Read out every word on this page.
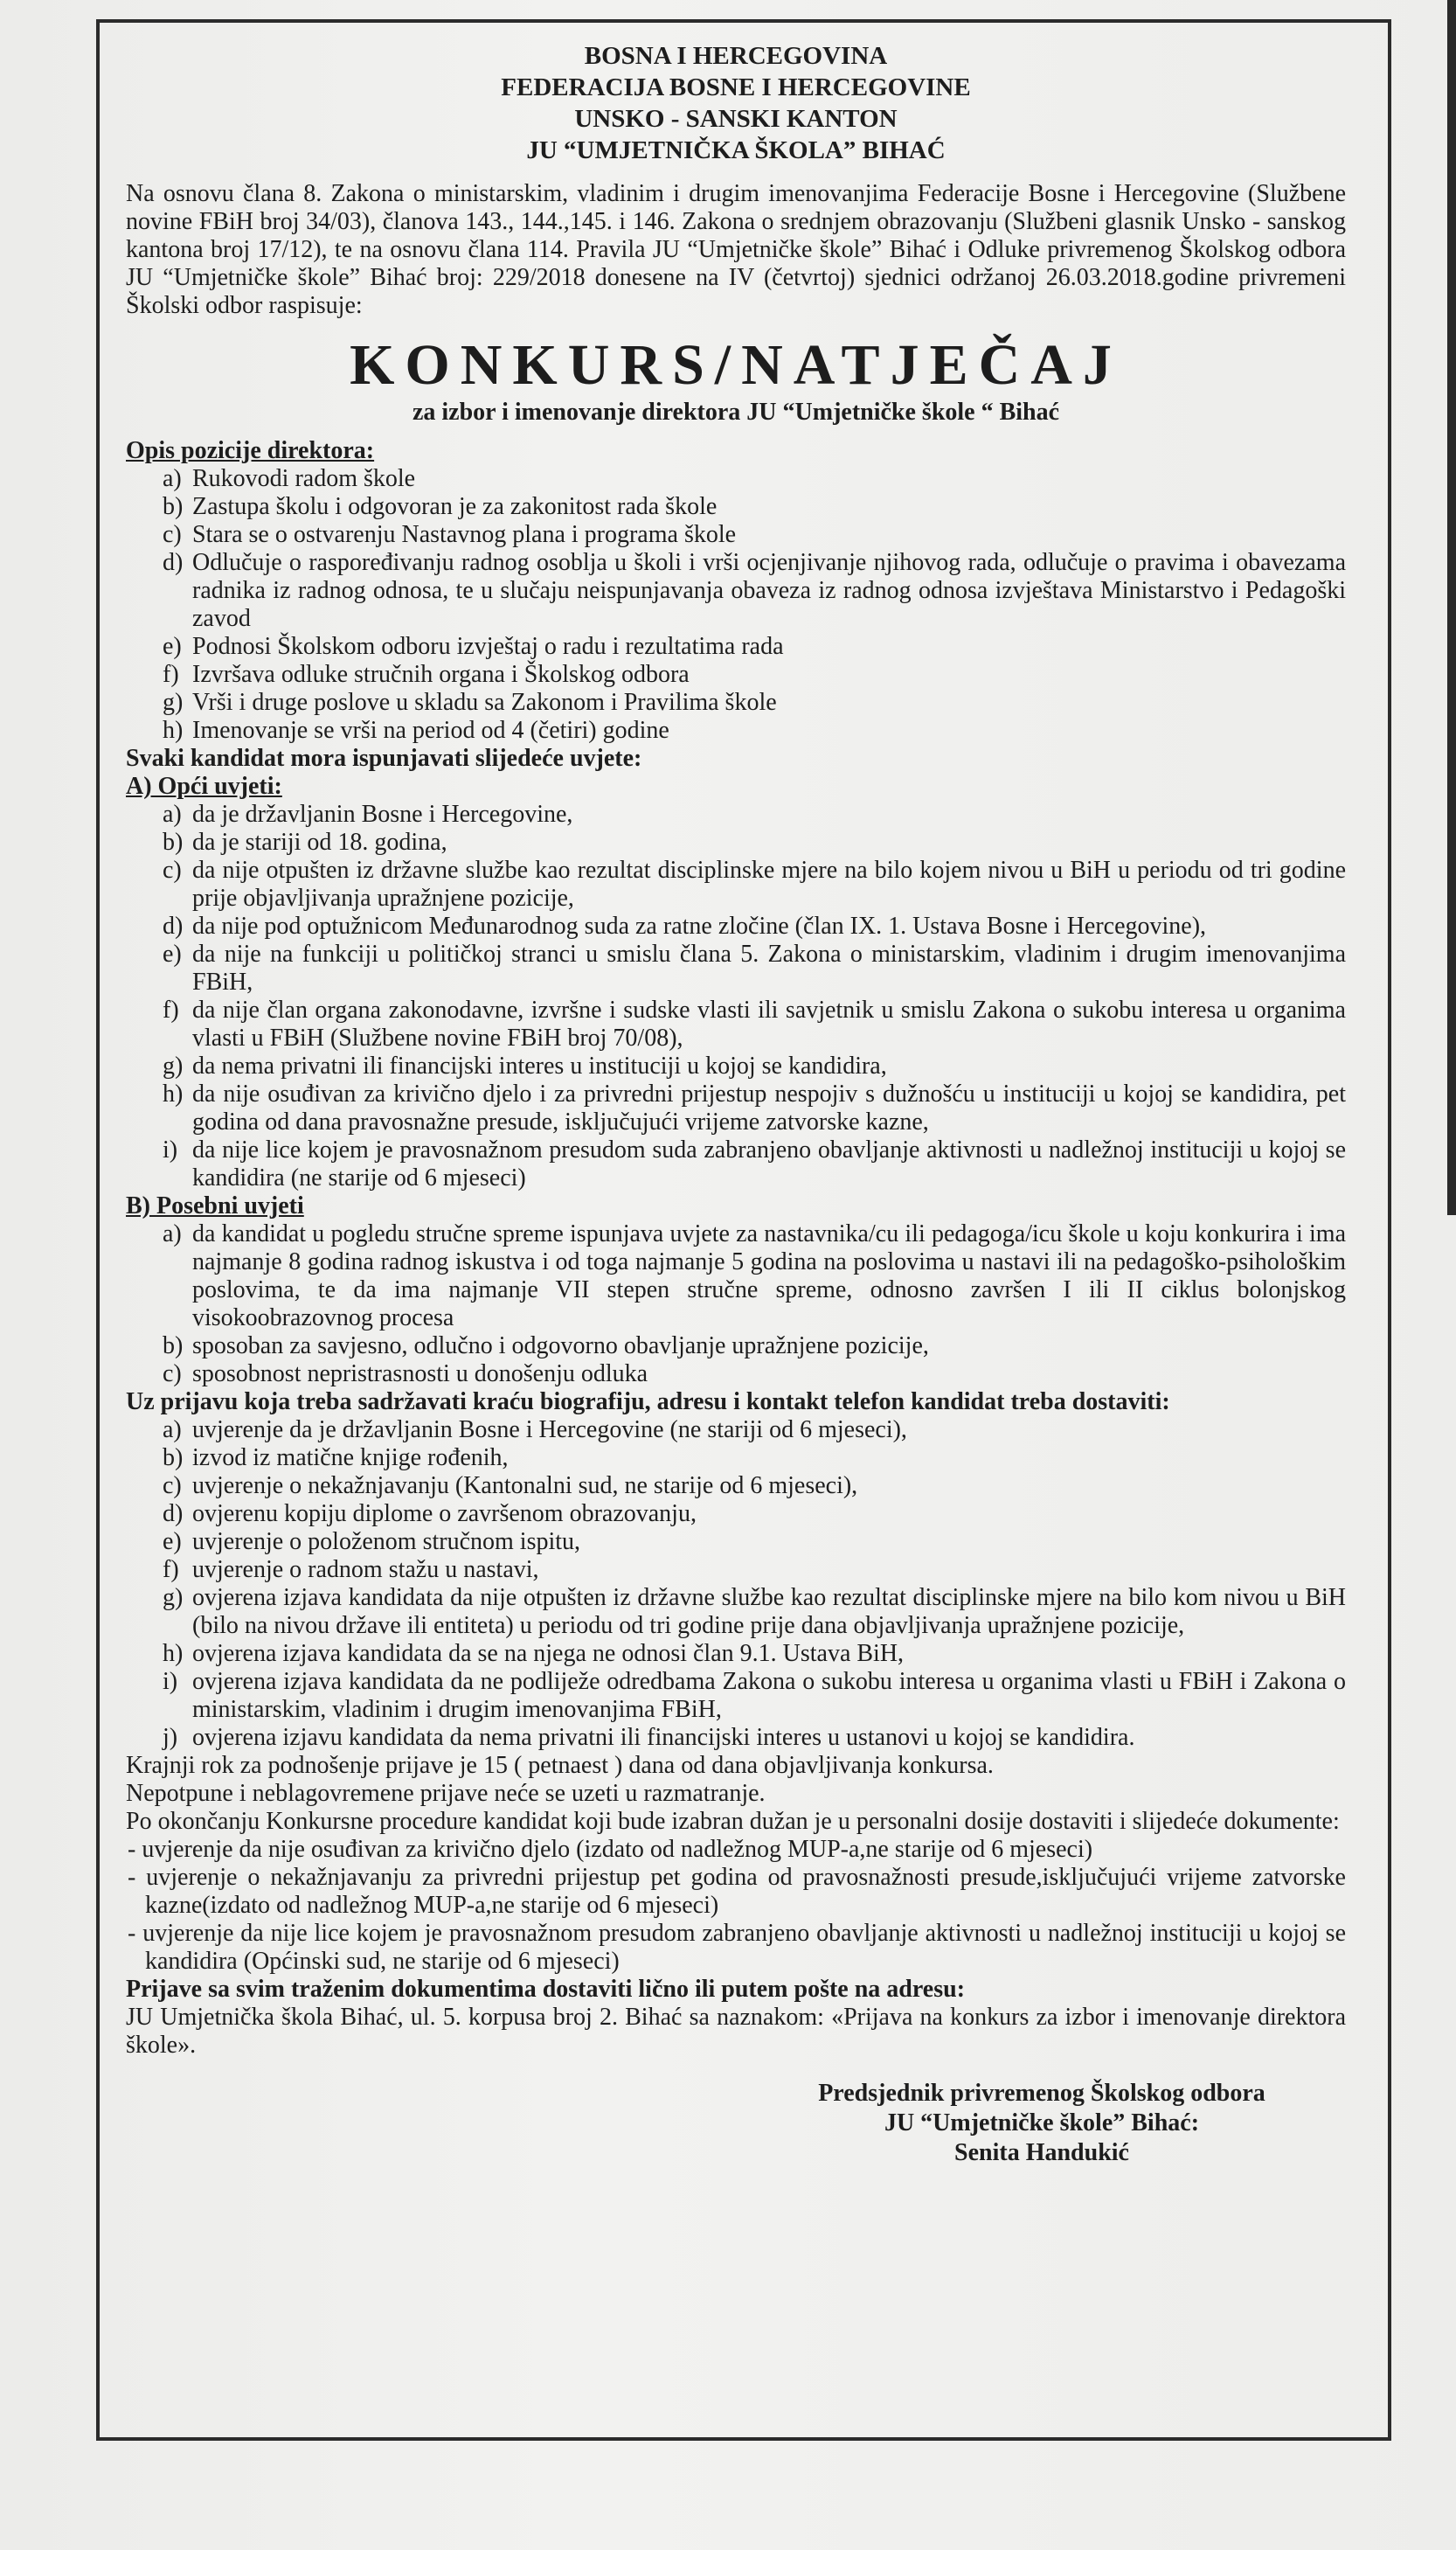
BOSNA I HERCEGOVINA
FEDERACIJA BOSNE I HERCEGOVINE
UNSKO - SANSKI KANTON
JU “UMJETNIČKA ŠKOLA” BIHAĆ
Na osnovu člana 8. Zakona o ministarskim, vladinim i drugim imenovanjima Federacije Bosne i Hercegovine (Službene novine FBiH broj 34/03), članova 143., 144.,145. i 146. Zakona o srednjem obrazovanju (Službeni glasnik Unsko - sanskog kantona broj 17/12), te na osnovu člana 114. Pravila JU “Umjetničke škole” Bihać i Odluke privremenog Školskog odbora JU “Umjetničke škole” Bihać broj: 229/2018 donesene na IV (četvrtoj) sjednici održanoj 26.03.2018.godine privremeni Školski odbor raspisuje:
KONKURS/NATJEČAJ
za izbor i imenovanje direktora JU “Umjetničke škole “ Bihać
Opis pozicije direktora:
a) Rukovodi radom škole
b) Zastupa školu i odgovoran je za zakonitost rada škole
c) Stara se o ostvarenju Nastavnog plana i programa škole
d) Odlučuje o raspoređivanju radnog osoblja u školi i vrši ocjenjivanje njihovog rada, odlučuje o pravima i obavezama radnika iz radnog odnosa, te u slučaju neispunjavanja obaveza iz radnog odnosa izvještava Ministarstvo i Pedagoški zavod
e) Podnosi Školskom odboru izvještaj o radu i rezultatima rada
f) Izvršava odluke stručnih organa i Školskog odbora
g) Vrši i druge poslove u skladu sa Zakonom i Pravilima škole
h) Imenovanje se vrši na period od 4 (četiri) godine
Svaki kandidat mora ispunjavati slijedeće uvjete:
A) Opći uvjeti:
a) da je državljanin Bosne i Hercegovine,
b) da je stariji od 18. godina,
c) da nije otpušten iz državne službe kao rezultat disciplinske mjere na bilo kojem nivou u BiH u periodu od tri godine prije objavljivanja upražnjene pozicije,
d) da nije pod optužnicom Međunarodnog suda za ratne zločine (član IX. 1. Ustava Bosne i Hercegovine),
e) da nije na funkciji u političkoj stranci u smislu člana 5. Zakona o ministarskim, vladinim i drugim imenovanjima FBiH,
f) da nije član organa zakonodavne, izvršne i sudske vlasti ili savjetnik u smislu Zakona o sukobu interesa u organima vlasti u FBiH (Službene novine FBiH broj 70/08),
g) da nema privatni ili financijski interes u instituciji u kojoj se kandidira,
h) da nije osuđivan za krivično djelo i za privredni prijestup nespojiv s dužnošću u instituciji u kojoj se kandidira, pet godina od dana pravosnažne presude, isključujući vrijeme zatvorske kazne,
i) da nije lice kojem je pravosnažnom presudom suda zabranjeno obavljanje aktivnosti u nadležnoj instituciji u kojoj se kandidira (ne starije od 6 mjeseci)
B) Posebni uvjeti
a) da kandidat u pogledu stručne spreme ispunjava uvjete za nastavnika/cu ili pedagoga/icu škole u koju konkurira i ima najmanje 8 godina radnog iskustva i od toga najmanje 5 godina na poslovima u nastavi ili na pedagoško-psihološkim poslovima, te da ima najmanje VII stepen stručne spreme, odnosno završen I ili II ciklus bolonjskog visokoobrazovnog procesa
b) sposoban za savjesno, odlučno i odgovorno obavljanje upražnjene pozicije,
c) sposobnost nepristrasnosti u donošenju odluka
Uz prijavu koja treba sadržavati kraću biografiju, adresu i kontakt telefon kandidat treba dostaviti:
a) uvjerenje da je državljanin Bosne i Hercegovine (ne stariji od 6 mjeseci),
b) izvod iz matične knjige rođenih,
c) uvjerenje o nekažnjavanju (Kantonalni sud, ne starije od 6 mjeseci),
d) ovjerenu kopiju diplome o završenom obrazovanju,
e) uvjerenje o položenom stručnom ispitu,
f) uvjerenje o radnom stažu u nastavi,
g) ovjerena izjava kandidata da nije otpušten iz državne službe kao rezultat disciplinske mjere na bilo kom nivou u BiH (bilo na nivou države ili entiteta) u periodu od tri godine prije dana objavljivanja upražnjene pozicije,
h) ovjerena izjava kandidata da se na njega ne odnosi član 9.1. Ustava BiH,
i) ovjerena izjava kandidata da ne podliježe odredbama Zakona o sukobu interesa u organima vlasti u FBiH i Zakona o ministarskim, vladinim i drugim imenovanjima FBiH,
j) ovjerena izjavu kandidata da nema privatni ili financijski interes u ustanovi u kojoj se kandidira.
Krajnji rok za podnošenje prijave je 15 ( petnaest ) dana od dana objavljivanja konkursa.
Nepotpune i neblagovremene prijave neće se uzeti u razmatranje.
Po okončanju Konkursne procedure kandidat koji bude izabran dužan je u personalni dosije dostaviti i slijedeće dokumente:
- uvjerenje da nije osuđivan za krivično djelo (izdato od nadležnog MUP-a,ne starije od 6 mjeseci)
- uvjerenje o nekažnjavanju za privredni prijestup pet godina od pravosnažnosti presude,isključujući vrijeme zatvorske kazne(izdato od nadležnog MUP-a,ne starije od 6 mjeseci)
- uvjerenje da nije lice kojem je pravosnažnom presudom zabranjeno obavljanje aktivnosti u nadležnoj instituciji u kojoj se kandidira (Općinski sud, ne starije od 6 mjeseci)
Prijave sa svim traženim dokumentima dostaviti lično ili putem pošte na adresu:
JU Umjetnička škola Bihać, ul. 5. korpusa broj 2. Bihać sa naznakom: «Prijava na konkurs za izbor i imenovanje direktora škole».
Predsjednik privremenog Školskog odbora
JU “Umjetničke škole” Bihać:
Senita Handukić
